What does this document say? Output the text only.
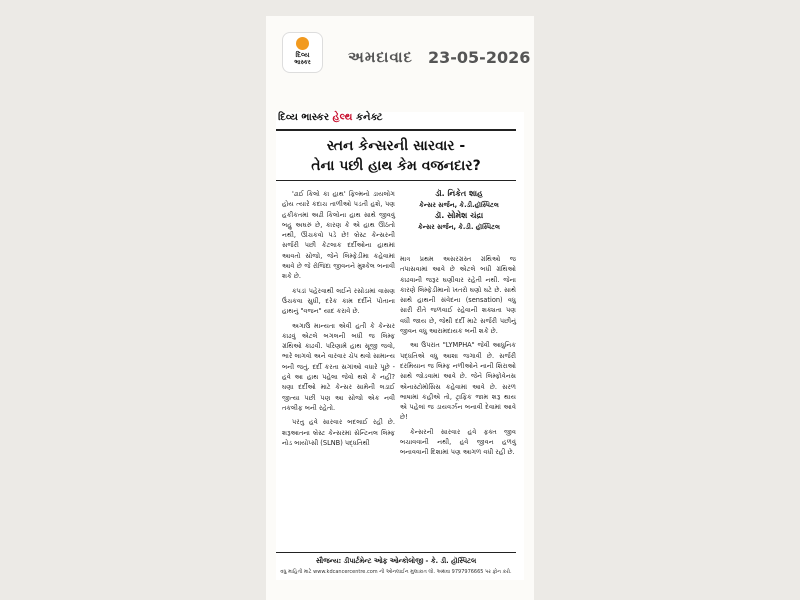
દિવ્ય
ભાસ્કર	અમદાવાદ 23-05-2026
દિવ્ય ભાસ્કર હેલ્થ કનેક્ટ
સ્તન કેન્સરની સારવાર -
તેના પછી હાથ કેમ વજનદાર?
ડૉ. નિકેત શાહ
કેન્સર સર્જન, કે.ડી.હૉસ્પિટલ
ડૉ. સોમેશ ચંદ્રા
કેન્સર સર્જન, કે.ડી. હૉસ્પિટલ

'ઢાઈ કિલો કા હાથ' ફિલ્મનો ડાયલોગ હોય ત્યારે કદાચ તાળીઓ પડતી હશે, પણ હકીકતમાં અઢી કિલોના હાથ સાથે જીવવું બહુ અઘરું છે, કારણ કે એ હાથ ઊઠતો નથી, ઊંચકવો પડે છે! બ્રેસ્ટ કેન્સરની સર્જરી પછી કેટલાક દર્દીઓના હાથમાં આવતો સોજો, જેને લિમ્ફેડીમા કહેવામાં આવે છે જે રોજિંદા જીવનને મુશ્કેલ બનાવી શકે છે.

કપડાં પહેરવાથી લઈને રસોડામાં વાસણ ઉંચકવા સુધી, દરેક કામ દર્દીને પોતાના હાથનું "વજન" યાદ કરાવે છે.

અગાઉ માન્યતા એવી હતી કે કેન્સર કાઢવું એટલે બગલની બધી જ લિમ્ફ ગ્રંથિઓ કાઢવી. પરિણામે હાથ સૂજી જવો, ભારે લાગવો અને વારંવાર ચેપ થવો સામાન્ય બની જતું. દર્દી કરતા સગાંઓ વધારે પૂછે - હવે આ હાથ પહેલા જેવો થશે કે નહીં? ઘણા દર્દીઓ માટે કેન્સર સામેની લડાઈ જીત્યા પછી પણ આ સોજો એક નવી તકલીફ બની રહેતો.

પરંતુ હવે સારવાર બદલાઈ રહી છે. શરૂઆતના બ્રેસ્ટ કેન્સરમાં સેન્ટિનલ લિમ્ફ નોડ બાયોપ્સી (SLNB) પદ્ધતિથી

માત્ર પ્રથમ અસરગ્રસ્ત ગ્રંથિઓ જ તપાસવામાં આવે છે એટલે બધી ગ્રંથિઓ કાઢવાની જરૂર ઘણીવાર રહેતી નથી. જેના કારણે લિમ્ફેડીમાનો ખતરો ઘણો ઘટે છે. સાથે સાથે હાથની સંવેદના (sensation) વધુ સારી રીતે જળવાઈ રહેવાની શક્યતા પણ વધી જાય છે, જેથી દર્દી માટે સર્જરી પછીનું જીવન વધુ આરામદાયક બની શકે છે.

આ ઉપરાંત "LYMPHA" જેવી આધુનિક પદ્ધતિએ વધુ આશા જગાવી છે. સર્જરી દરમિયાન જ લિમ્ફ નળીઓને નાની શિરાઓ સાથે જોડવામાં આવે છે. જેને લિમ્ફોવેનસ એનાસ્ટોમોસિસ કહેવામાં આવે છે. સરળ ભાષામાં કહીએ તો, ટ્રાફિક જામ શરૂ થાય એ પહેલાં જ ડાયવર્ઝન બનાવી દેવામાં આવે છે!

કેન્સરની સારવાર હવે ફક્ત જીવ બચાવવાની નથી, હવે જીવન હળવું બનાવવાની દિશામાં પણ આગળ વધી રહી છે.

સૌજન્ય: ડીપાર્ટમેન્ટ ઓફ ઓન્કોલોજી - કે. ડી. હૉસ્પિટલ
વધુ માહિતી માટે www.kdcancercentre.com ની ઓનલાઈન મુલાકાત લો. અથવા 9797976665 પર ફોન કરો.
